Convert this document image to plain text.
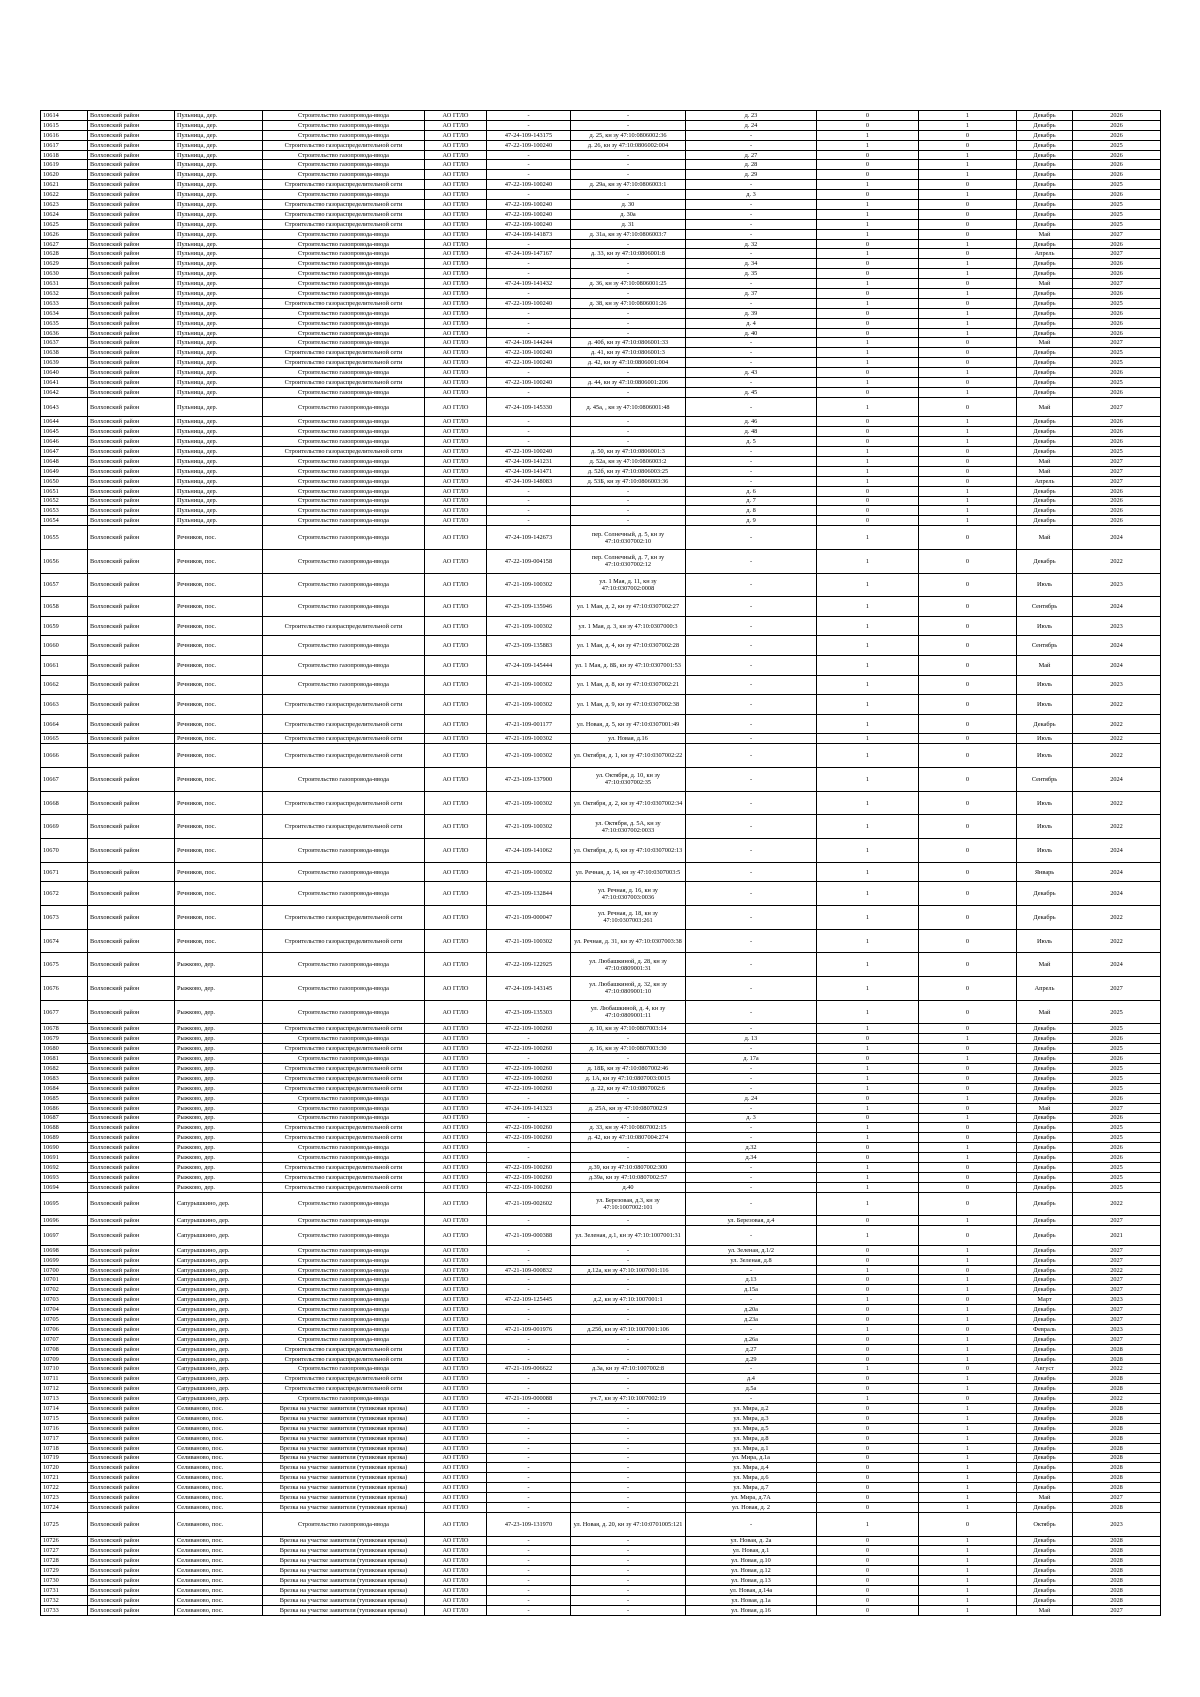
10614	Волховский район	Пульница, дер.	Строительство газопровода-ввода	АО ГГЛО	-	-	д. 23	0	1	Декабрь	2026
10615	Волховский район	Пульница, дер.	Строительство газопровода-ввода	АО ГГЛО	-	-	д. 24	0	1	Декабрь	2026
10616	Волховский район	Пульница, дер.	Строительство газопровода-ввода	АО ГГЛО	47-24-109-143175	д. 25, кн зу 47:10:0806002:36	-	1	0	Декабрь	2026
10617	Волховский район	Пульница, дер.	Строительство газораспределительной сети	АО ГГЛО	47-22-109-100240	д. 26, кн зу 47:10:0806002:004	-	1	0	Декабрь	2025
10618	Волховский район	Пульница, дер.	Строительство газопровода-ввода	АО ГГЛО	-	-	д. 27	0	1	Декабрь	2026
10619	Волховский район	Пульница, дер.	Строительство газопровода-ввода	АО ГГЛО	-	-	д. 28	0	1	Декабрь	2026
10620	Волховский район	Пульница, дер.	Строительство газопровода-ввода	АО ГГЛО	-	-	д. 29	0	1	Декабрь	2026
10621	Волховский район	Пульница, дер.	Строительство газораспределительной сети	АО ГГЛО	47-22-109-100240	д. 29а, кн зу 47:10:0806003:1	-	1	0	Декабрь	2025
10622	Волховский район	Пульница, дер.	Строительство газопровода-ввода	АО ГГЛО	-	-	д. 3	0	1	Декабрь	2026
10623	Волховский район	Пульница, дер.	Строительство газораспределительной сети	АО ГГЛО	47-22-109-100240	д. 30	-	1	0	Декабрь	2025
10624	Волховский район	Пульница, дер.	Строительство газораспределительной сети	АО ГГЛО	47-22-109-100240	д. 30а	-	1	0	Декабрь	2025
10625	Волховский район	Пульница, дер.	Строительство газораспределительной сети	АО ГГЛО	47-22-109-100240	д. 31	-	1	0	Декабрь	2025
10626	Волховский район	Пульница, дер.	Строительство газопровода-ввода	АО ГГЛО	47-24-109-141873	д. 31а, кн зу 47:10:0806003:7	-	1	0	Май	2027
10627	Волховский район	Пульница, дер.	Строительство газопровода-ввода	АО ГГЛО	-	-	д. 32	0	1	Декабрь	2026
10628	Волховский район	Пульница, дер.	Строительство газопровода-ввода	АО ГГЛО	47-24-109-147167	д. 33, кн зу 47:10:0806001:8	-	1	0	Апрель	2027
10629	Волховский район	Пульница, дер.	Строительство газопровода-ввода	АО ГГЛО	-	-	д. 34	0	1	Декабрь	2026
10630	Волховский район	Пульница, дер.	Строительство газопровода-ввода	АО ГГЛО	-	-	д. 35	0	1	Декабрь	2026
10631	Волховский район	Пульница, дер.	Строительство газопровода-ввода	АО ГГЛО	47-24-109-141432	д. 36, кн зу 47:10:0806001:25	-	1	0	Май	2027
10632	Волховский район	Пульница, дер.	Строительство газопровода-ввода	АО ГГЛО	-	-	д. 37	0	1	Декабрь	2026
10633	Волховский район	Пульница, дер.	Строительство газораспределительной сети	АО ГГЛО	47-22-109-100240	д. 38, кн зу 47:10:0806001:26	-	1	0	Декабрь	2025
10634	Волховский район	Пульница, дер.	Строительство газопровода-ввода	АО ГГЛО	-	-	д. 39	0	1	Декабрь	2026
10635	Волховский район	Пульница, дер.	Строительство газопровода-ввода	АО ГГЛО	-	-	д. 4	0	1	Декабрь	2026
10636	Волховский район	Пульница, дер.	Строительство газопровода-ввода	АО ГГЛО	-	-	д. 40	0	1	Декабрь	2026
10637	Волховский район	Пульница, дер.	Строительство газопровода-ввода	АО ГГЛО	47-24-109-144244	д. 40б, кн зу 47:10:0806001:33	-	1	0	Май	2027
10638	Волховский район	Пульница, дер.	Строительство газораспределительной сети	АО ГГЛО	47-22-109-100240	д. 41, кн зу 47:10:0806001:3	-	1	0	Декабрь	2025
10639	Волховский район	Пульница, дер.	Строительство газораспределительной сети	АО ГГЛО	47-22-109-100240	д. 42, кн зу 47:10:0806001:004	-	1	0	Декабрь	2025
10640	Волховский район	Пульница, дер.	Строительство газопровода-ввода	АО ГГЛО	-	-	д. 43	0	1	Декабрь	2026
10641	Волховский район	Пульница, дер.	Строительство газораспределительной сети	АО ГГЛО	47-22-109-100240	д. 44, кн зу 47:10:0806001:206	-	1	0	Декабрь	2025
10642	Волховский район	Пульница, дер.	Строительство газопровода-ввода	АО ГГЛО	-	-	д. 45	0	1	Декабрь	2026
10643	Волховский район	Пульница, дер.	Строительство газопровода-ввода	АО ГГЛО	47-24-109-145330	д. 45а, , кн зу 47:10:0806001:48	-	1	0	Май	2027
10644	Волховский район	Пульница, дер.	Строительство газопровода-ввода	АО ГГЛО	-	-	д. 46	0	1	Декабрь	2026
10645	Волховский район	Пульница, дер.	Строительство газопровода-ввода	АО ГГЛО	-	-	д. 48	0	1	Декабрь	2026
10646	Волховский район	Пульница, дер.	Строительство газопровода-ввода	АО ГГЛО	-	-	д. 5	0	1	Декабрь	2026
10647	Волховский район	Пульница, дер.	Строительство газораспределительной сети	АО ГГЛО	47-22-109-100240	д. 50, кн зу 47:10:0806001:3	-	1	0	Декабрь	2025
10648	Волховский район	Пульница, дер.	Строительство газопровода-ввода	АО ГГЛО	47-24-109-141231	д. 52а, кн зу 47:10:0806003:2	-	1	0	Май	2027
10649	Волховский район	Пульница, дер.	Строительство газопровода-ввода	АО ГГЛО	47-24-109-141471	д. 52б, кн зу 47:10:0806003:25	-	1	0	Май	2027
10650	Волховский район	Пульница, дер.	Строительство газопровода-ввода	АО ГГЛО	47-24-109-148083	д. 53Б, кн зу 47:10:0806003:36	-	1	0	Апрель	2027
10651	Волховский район	Пульница, дер.	Строительство газопровода-ввода	АО ГГЛО	-	-	д. 6	0	1	Декабрь	2026
10652	Волховский район	Пульница, дер.	Строительство газопровода-ввода	АО ГГЛО	-	-	д. 7	0	1	Декабрь	2026
10653	Волховский район	Пульница, дер.	Строительство газопровода-ввода	АО ГГЛО	-	-	д. 8	0	1	Декабрь	2026
10654	Волховский район	Пульница, дер.	Строительство газопровода-ввода	АО ГГЛО	-	-	д. 9	0	1	Декабрь	2026
10655	Волховский район	Речников, пос.	Строительство газопровода-ввода	АО ГГЛО	47-24-109-142673	пер. Солнечный, д. 5, кн зу 47:10:0307002:10	-	1	0	Май	2024
10656	Волховский район	Речников, пос.	Строительство газопровода-ввода	АО ГГЛО	47-22-109-004158	пер. Солнечный, д. 7, кн зу 47:10:0307002:12	-	1	0	Декабрь	2022
10657	Волховский район	Речников, пос.	Строительство газопровода-ввода	АО ГГЛО	47-21-109-100302	ул. 1 Мая, д. 11, кн зу 47:10:0307002:0008	-	1	0	Июль	2023
10658	Волховский район	Речников, пос.	Строительство газопровода-ввода	АО ГГЛО	47-23-109-135946	ул. 1 Мая, д. 2, кн зу 47:10:0307002:27	-	1	0	Сентябрь	2024
10659	Волховский район	Речников, пос.	Строительство газораспределительной сети	АО ГГЛО	47-21-109-100302	ул. 1 Мая, д. 3, кн зу 47:10:0307000:3	-	1	0	Июль	2023
10660	Волховский район	Речников, пос.	Строительство газопровода-ввода	АО ГГЛО	47-23-109-135883	ул. 1 Мая, д. 4, кн зу 47:10:0307002:28	-	1	0	Сентябрь	2024
10661	Волховский район	Речников, пос.	Строительство газопровода-ввода	АО ГГЛО	47-24-109-145444	ул. 1 Мая, д. 8Б, кн зу 47:10:0307001:53	-	1	0	Май	2024
10662	Волховский район	Речников, пос.	Строительство газопровода-ввода	АО ГГЛО	47-21-109-100302	ул. 1 Мая, д. 8, кн зу 47:10:0307002:21	-	1	0	Июль	2023
10663	Волховский район	Речников, пос.	Строительство газораспределительной сети	АО ГГЛО	47-21-109-100302	ул. 1 Мая, д. 9, кн зу 47:10:0307002:38	-	1	0	Июль	2022
10664	Волховский район	Речников, пос.	Строительство газораспределительной сети	АО ГГЛО	47-21-109-001177	ул. Новая, д. 5, кн зу 47:10:0307001:49	-	1	0	Декабрь	2022
10665	Волховский район	Речников, пос.	Строительство газораспределительной сети	АО ГГЛО	47-21-109-100302	ул. Новая, д.16	-	1	0	Июль	2022
10666	Волховский район	Речников, пос.	Строительство газораспределительной сети	АО ГГЛО	47-21-109-100302	ул. Октября, д. 1, кн зу 47:10:0307002:22	-	1	0	Июль	2022
10667	Волховский район	Речников, пос.	Строительство газопровода-ввода	АО ГГЛО	47-23-109-137900	ул. Октября, д. 10, кн зу 47:10:0307002:35	-	1	0	Сентябрь	2024
10668	Волховский район	Речников, пос.	Строительство газораспределительной сети	АО ГГЛО	47-21-109-100302	ул. Октября, д. 2, кн зу 47:10:0307002:34	-	1	0	Июль	2022
10669	Волховский район	Речников, пос.	Строительство газораспределительной сети	АО ГГЛО	47-21-109-100302	ул. Октября, д. 5А, кн зу 47:10:0307002:0033	-	1	0	Июль	2022
10670	Волховский район	Речников, пос.	Строительство газопровода-ввода	АО ГГЛО	47-24-109-141062	ул. Октября, д. 6, кн зу 47:10:0307002:13	-	1	0	Июль	2024
10671	Волховский район	Речников, пос.	Строительство газопровода-ввода	АО ГГЛО	47-21-109-100302	ул. Речная, д. 14, кн зу 47:10:0307003:5	-	1	0	Январь	2024
10672	Волховский район	Речников, пос.	Строительство газопровода-ввода	АО ГГЛО	47-23-109-132844	ул. Речная, д. 16, кн зу 47:10:0307003:0036	-	1	0	Декабрь	2024
10673	Волховский район	Речников, пос.	Строительство газораспределительной сети	АО ГГЛО	47-21-109-000047	ул. Речная, д. 18, кн зу 47:10:0307003:261	-	1	0	Декабрь	2022
10674	Волховский район	Речников, пос.	Строительство газораспределительной сети	АО ГГЛО	47-21-109-100302	ул. Речная, д. 31, кн зу 47:10:0307003:38	-	1	0	Июль	2022
10675	Волховский район	Рыжково, дер.	Строительство газопровода-ввода	АО ГГЛО	47-22-109-122925	ул. Любашкиной, д. 28, кн зу 47:10:0809001:31	-	1	0	Май	2024
10676	Волховский район	Рыжково, дер.	Строительство газопровода-ввода	АО ГГЛО	47-24-109-143145	ул. Любашкиной, д. 32, кн зу 47:10:0809001:10	-	1	0	Апрель	2027
10677	Волховский район	Рыжково, дер.	Строительство газопровода-ввода	АО ГГЛО	47-23-109-135303	ул. Любашкиной, д. 4, кн зу 47:10:0809001:11	-	1	0	Май	2025
10678	Волховский район	Рыжково, дер.	Строительство газораспределительной сети	АО ГГЛО	47-22-109-100260	д. 10, кн зу 47:10:0807003:14	-	1	0	Декабрь	2025
10679	Волховский район	Рыжково, дер.	Строительство газопровода-ввода	АО ГГЛО	-	-	д. 13	0	1	Декабрь	2026
10680	Волховский район	Рыжково, дер.	Строительство газораспределительной сети	АО ГГЛО	47-22-109-100260	д. 16, кн зу 47:10:0807003:30	-	1	0	Декабрь	2025
10681	Волховский район	Рыжково, дер.	Строительство газопровода-ввода	АО ГГЛО	-	-	д. 17а	0	1	Декабрь	2026
10682	Волховский район	Рыжково, дер.	Строительство газораспределительной сети	АО ГГЛО	47-22-109-100260	д. 18Б, кн зу 47:10:0807002:46	-	1	0	Декабрь	2025
10683	Волховский район	Рыжково, дер.	Строительство газораспределительной сети	АО ГГЛО	47-22-109-100260	д. 1А, кн зу 47:10:0807003:0015	-	1	0	Декабрь	2025
10684	Волховский район	Рыжково, дер.	Строительство газораспределительной сети	АО ГГЛО	47-22-109-100260	д. 22, кн зу 47:10:0807002:6	-	1	0	Декабрь	2025
10685	Волховский район	Рыжково, дер.	Строительство газопровода-ввода	АО ГГЛО	-	-	д. 24	0	1	Декабрь	2026
10686	Волховский район	Рыжково, дер.	Строительство газопровода-ввода	АО ГГЛО	47-24-109-141323	д. 25А, кн зу 47:10:0807002:9	-	1	0	Май	2027
10687	Волховский район	Рыжково, дер.	Строительство газопровода-ввода	АО ГГЛО	-	-	д. 3	0	1	Декабрь	2026
10688	Волховский район	Рыжково, дер.	Строительство газораспределительной сети	АО ГГЛО	47-22-109-100260	д. 33, кн зу 47:10:0807002:15	-	1	0	Декабрь	2025
10689	Волховский район	Рыжково, дер.	Строительство газораспределительной сети	АО ГГЛО	47-22-109-100260	д. 42, кн зу 47:10:0807004:274	-	1	0	Декабрь	2025
10690	Волховский район	Рыжково, дер.	Строительство газопровода-ввода	АО ГГЛО	-	-	д.32	0	1	Декабрь	2026
10691	Волховский район	Рыжково, дер.	Строительство газопровода-ввода	АО ГГЛО	-	-	д.34	0	1	Декабрь	2026
10692	Волховский район	Рыжково, дер.	Строительство газораспределительной сети	АО ГГЛО	47-22-109-100260	д.39, кн зу 47:10:0807002:300	-	1	0	Декабрь	2025
10693	Волховский район	Рыжково, дер.	Строительство газораспределительной сети	АО ГГЛО	47-22-109-100260	д.39а, кн зу 47:10:0807002:57	-	1	0	Декабрь	2025
10694	Волховский район	Рыжково, дер.	Строительство газораспределительной сети	АО ГГЛО	47-22-109-100260	д.40	-	1	0	Декабрь	2025
10695	Волховский район	Сапурышкино, дер.	Строительство газопровода-ввода	АО ГГЛО	47-21-109-002602	ул. Березовая, д.3, кн зу 47:10:1007002:101	-	1	0	Декабрь	2022
10696	Волховский район	Сапурышкино, дер.	Строительство газопровода-ввода	АО ГГЛО	-	-	ул. Березовая, д.4	0	1	Декабрь	2027
10697	Волховский район	Сапурышкино, дер.	Строительство газопровода-ввода	АО ГГЛО	47-21-109-000388	ул. Зеленая, д.1, кн зу 47:10:1007001:31	-	1	0	Декабрь	2021
10698	Волховский район	Сапурышкино, дер.	Строительство газопровода-ввода	АО ГГЛО	-	-	ул. Зеленая, д.1/2	0	1	Декабрь	2027
10699	Волховский район	Сапурышкино, дер.	Строительство газопровода-ввода	АО ГГЛО	-	-	ул. Зеленая, д.8	0	1	Декабрь	2027
10700	Волховский район	Сапурышкино, дер.	Строительство газопровода-ввода	АО ГГЛО	47-21-109-000832	д.12а, кн зу 47:10:1007001:116	-	1	0	Декабрь	2022
10701	Волховский район	Сапурышкино, дер.	Строительство газопровода-ввода	АО ГГЛО	-	-	д.13	0	1	Декабрь	2027
10702	Волховский район	Сапурышкино, дер.	Строительство газопровода-ввода	АО ГГЛО	-	-	д.15а	0	1	Декабрь	2027
10703	Волховский район	Сапурышкино, дер.	Строительство газопровода-ввода	АО ГГЛО	47-22-109-125445	д.2, кн зу 47:10:1007001:1	-	1	0	Март	2023
10704	Волховский район	Сапурышкино, дер.	Строительство газопровода-ввода	АО ГГЛО	-	-	д.20а	0	1	Декабрь	2027
10705	Волховский район	Сапурышкино, дер.	Строительство газопровода-ввода	АО ГГЛО	-	-	д.23а	0	1	Декабрь	2027
10706	Волховский район	Сапурышкино, дер.	Строительство газопровода-ввода	АО ГГЛО	47-21-109-001976	д.25б, кн зу 47:10:1007001:106	-	1	0	Февраль	2023
10707	Волховский район	Сапурышкино, дер.	Строительство газопровода-ввода	АО ГГЛО	-	-	д.26а	0	1	Декабрь	2027
10708	Волховский район	Сапурышкино, дер.	Строительство газораспределительной сети	АО ГГЛО	-	-	д.27	0	1	Декабрь	2028
10709	Волховский район	Сапурышкино, дер.	Строительство газораспределительной сети	АО ГГЛО	-	-	д.29	0	1	Декабрь	2028
10710	Волховский район	Сапурышкино, дер.	Строительство газопровода-ввода	АО ГГЛО	47-21-109-006622	д.3а, кн зу 47:10:1007002:8	-	1	0	Август	2022
10711	Волховский район	Сапурышкино, дер.	Строительство газораспределительной сети	АО ГГЛО	-	-	д.4	0	1	Декабрь	2028
10712	Волховский район	Сапурышкино, дер.	Строительство газораспределительной сети	АО ГГЛО	-	-	д.5а	0	1	Декабрь	2028
10713	Волховский район	Сапурышкино, дер.	Строительство газопровода-ввода	АО ГГЛО	47-21-109-000088	уч.7, кн зу 47:10:1007002:19	-	1	0	Декабрь	2022
10714	Волховский район	Селивановo, пос.	Врезка на участке заявителя (тупиковая врезка)	АО ГГЛО	-	-	ул. Мира, д.2	0	1	Декабрь	2028
10715	Волховский район	Селиваново, пос.	Врезка на участке заявителя (тупиковая врезка)	АО ГГЛО	-	-	ул. Мира, д.3	0	1	Декабрь	2028
10716	Волховский район	Селиваново, пос.	Врезка на участке заявителя (тупиковая врезка)	АО ГГЛО	-	-	ул. Мира, д.5	0	1	Декабрь	2028
10717	Волховский район	Селиваново, пос.	Врезка на участке заявителя (тупиковая врезка)	АО ГГЛО	-	-	ул. Мира, д.8	0	1	Декабрь	2028
10718	Волховский район	Селиваново, пос.	Врезка на участке заявителя (тупиковая врезка)	АО ГГЛО	-	-	ул. Мира, д.1	0	1	Декабрь	2028
10719	Волховский район	Селиваново, пос.	Врезка на участке заявителя (тупиковая врезка)	АО ГГЛО	-	-	ул. Мира, д.1а	0	1	Декабрь	2028
10720	Волховский район	Селиваново, пос.	Врезка на участке заявителя (тупиковая врезка)	АО ГГЛО	-	-	ул. Мира, д.4	0	1	Декабрь	2028
10721	Волховский район	Селиваново, пос.	Врезка на участке заявителя (тупиковая врезка)	АО ГГЛО	-	-	ул. Мира, д.6	0	1	Декабрь	2028
10722	Волховский район	Селиваново, пос.	Врезка на участке заявителя (тупиковая врезка)	АО ГГЛО	-	-	ул. Мира, д.7	0	1	Декабрь	2028
10723	Волховский район	Селиваново, пос.	Врезка на участке заявителя (тупиковая врезка)	АО ГГЛО	-	-	ул. Мира, д.7А	0	1	Май	2027
10724	Волховский район	Селиваново, пос.	Врезка на участке заявителя (тупиковая врезка)	АО ГГЛО	-	-	ул. Новая, д. 2	0	1	Декабрь	2028
10725	Волховский район	Селиваново, пос.	Строительство газопровода-ввода	АО ГГЛО	47-23-109-131970	ул. Новая, д. 20, кн зу 47:10:0701005:121	-	1	0	Октябрь	2023
10726	Волховский район	Селиваново, пос.	Врезка на участке заявителя (тупиковая врезка)	АО ГГЛО	-	-	ул. Новая, д. 2а	0	1	Декабрь	2028
10727	Волховский район	Селиваново, пос.	Врезка на участке заявителя (тупиковая врезка)	АО ГГЛО	-	-	ул. Новая, д.1	0	1	Декабрь	2028
10728	Волховский район	Селиваново, пос.	Врезка на участке заявителя (тупиковая врезка)	АО ГГЛО	-	-	ул. Новая, д.10	0	1	Декабрь	2028
10729	Волховский район	Селиваново, пос.	Врезка на участке заявителя (тупиковая врезка)	АО ГГЛО	-	-	ул. Новая, д.12	0	1	Декабрь	2028
10730	Волховский район	Селиваново, пос.	Врезка на участке заявителя (тупиковая врезка)	АО ГГЛО	-	-	ул. Новая, д.13	0	1	Декабрь	2028
10731	Волховский район	Селиваново, пос.	Врезка на участке заявителя (тупиковая врезка)	АО ГГЛО	-	-	ул. Новая, д.14а	0	1	Декабрь	2028
10732	Волховский район	Селиваново, пос.	Врезка на участке заявителя (тупиковая врезка)	АО ГГЛО	-	-	ул. Новая, д.1а	0	1	Декабрь	2028
10733	Волховский район	Селиваново, пос.	Врезка на участке заявителя (тупиковая врезка)	АО ГГЛО	-	-	ул. Новая, д.16	0	1	Май	2027
